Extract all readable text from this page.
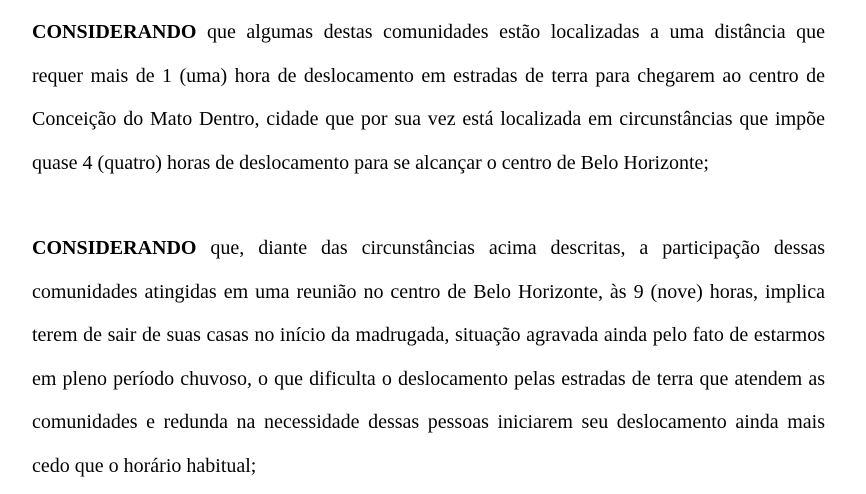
CONSIDERANDO que algumas destas comunidades estão localizadas a uma distância que requer mais de 1 (uma) hora de deslocamento em estradas de terra para chegarem ao centro de Conceição do Mato Dentro, cidade que por sua vez está localizada em circunstâncias que impõe quase 4 (quatro) horas de deslocamento para se alcançar o centro de Belo Horizonte;

CONSIDERANDO que, diante das circunstâncias acima descritas, a participação dessas comunidades atingidas em uma reunião no centro de Belo Horizonte, às 9 (nove) horas, implica terem de sair de suas casas no início da madrugada, situação agravada ainda pelo fato de estarmos em pleno período chuvoso, o que dificulta o deslocamento pelas estradas de terra que atendem as comunidades e redunda na necessidade dessas pessoas iniciarem seu deslocamento ainda mais cedo que o horário habitual;
